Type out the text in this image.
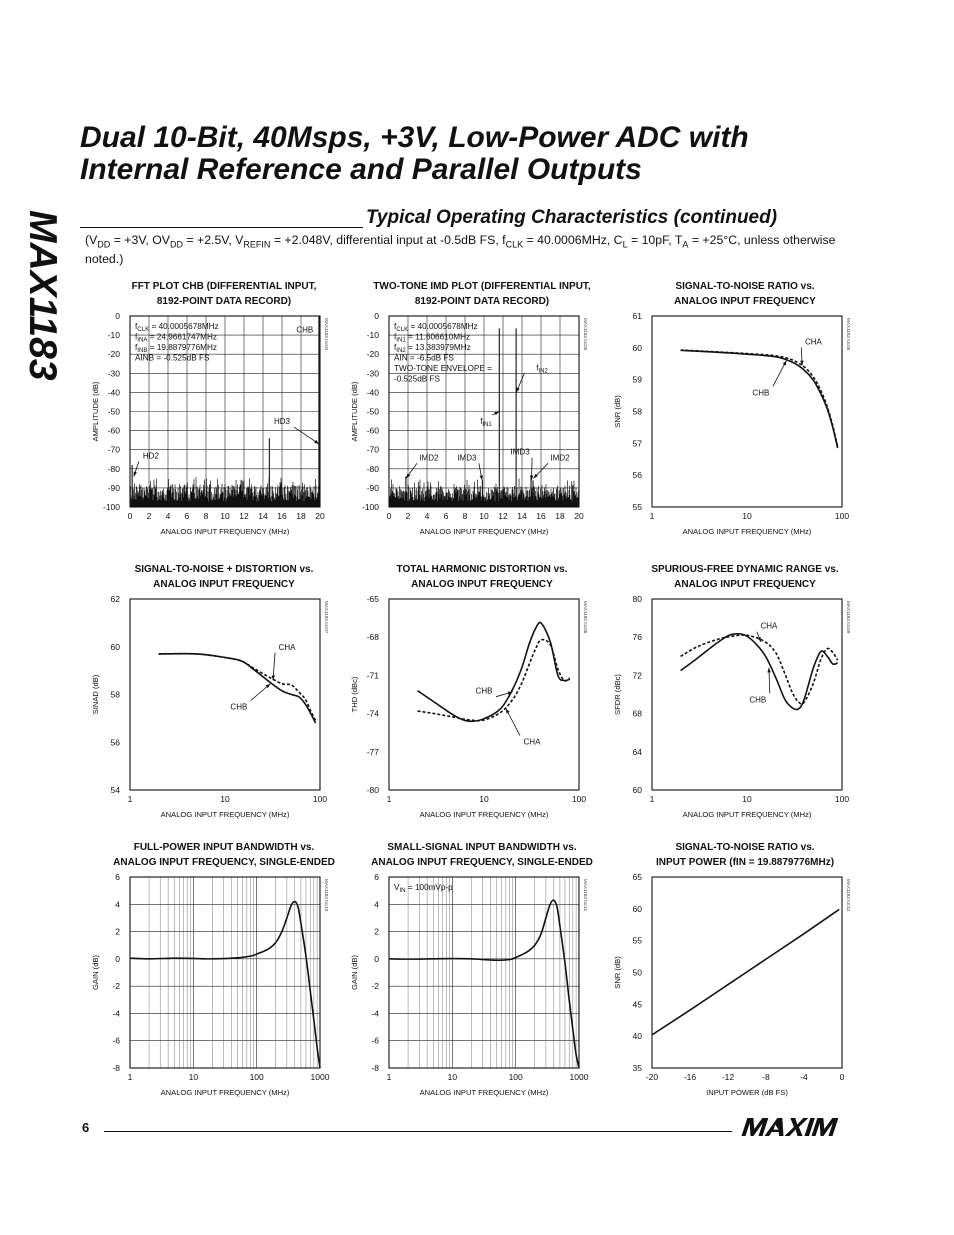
MAX1183
Dual 10-Bit, 40Msps, +3V, Low-Power ADC with
Internal Reference and Parallel Outputs
Typical Operating Characteristics (continued)
($V_{DD} = +3V$, $OV_{DD} = +2.5V$, $V_{REFIN} = +2.048V$, differential input at -0.5dB FS, $f_{CLK} = 40.0006MHz$, $C_L = 10pF$, $T_A = +25^\circ C$, unless otherwise noted.)
FFT PLOT CHB (DIFFERENTIAL INPUT,
8192-POINT DATA RECORD)
TWO-TONE IMD PLOT (DIFFERENTIAL INPUT,
8192-POINT DATA RECORD)
SIGNAL-TO-NOISE RATIO vs.
ANALOG INPUT FREQUENCY
SIGNAL-TO-NOISE + DISTORTION vs.
ANALOG INPUT FREQUENCY
TOTAL HARMONIC DISTORTION vs.
ANALOG INPUT FREQUENCY
SPURIOUS-FREE DYNAMIC RANGE vs.
ANALOG INPUT FREQUENCY
FULL-POWER INPUT BANDWIDTH vs.
ANALOG INPUT FREQUENCY, SINGLE-ENDED
SMALL-SIGNAL INPUT BANDWIDTH vs.
ANALOG INPUT FREQUENCY, SINGLE-ENDED
SIGNAL-TO-NOISE RATIO vs.
INPUT POWER (fIN = 19.8879776MHz)
0 2 4 6 8 10 12 14 16 18 20
0
-10
-20
-30
-40
-50
-60
-70
-80
-90
-100
ANALOG INPUT FREQUENCY (MHz)
AMPLITUDE (dB)
MAX1183 toc04
$f_{CLK} = 40.0005678MHz$
$f_{INA} = 24.9661747MHz$
$f_{INB} = 19.8879776MHz$
AINB = -0.525dB FS
CHB
HD3
HD2
0 2 4 6 8 10 12 14 16 18 20
0
-10
-20
-30
-40
-50
-60
-70
-80
-90
-100
ANALOG INPUT FREQUENCY (MHz)
AMPLITUDE (dB)
MAX1183 toc05
$f_{CLK} = 40.0005678MHz$
$f_{IN1} = 11.606610MHz$
$f_{IN2} = 13.383979MHz$
AIN = -6.5dB FS
TWO-TONE ENVELOPE =
-0.525dB FS
$f_{IN2}$
$f_{IN1}$
IMD2 IMD3
IMD3
IMD2
1	10	100
61
60
59
58
57
56
55
ANALOG INPUT FREQUENCY (MHz)
SNR (dB)
MAX1183 toc06
CHA
CHB
1	10	100
62
60
58
56
54
ANALOG INPUT FREQUENCY (MHz)
SINAD (dB)
MAX1183 toc07
CHA
CHB
1	10	100
-65
-68
-71
-74
-77
-80
ANALOG INPUT FREQUENCY (MHz)
THD (dBc)
MAX1183 toc08
CHB
CHA
1	10	100
80
76
72
68
64
60
ANALOG INPUT FREQUENCY (MHz)
SFDR (dBc)
MAX1183 toc09
CHA
CHB
1	10	100	1000
6
4
2
0
-2
-4
-6
-8
ANALOG INPUT FREQUENCY (MHz)
GAIN (dB)
MAX1183 toc10
1	10	100	1000
6
4
2
0
-2
-4
-6
-8
ANALOG INPUT FREQUENCY (MHz)
GAIN (dB)
MAX1183 toc11
$V_{IN} = 100mVp-p$
-20	-16	-12	-8	-4	0
65
60
55
50
45
40
35
INPUT POWER (dB FS)
SNR (dB)
MAX1183 toc12
6
